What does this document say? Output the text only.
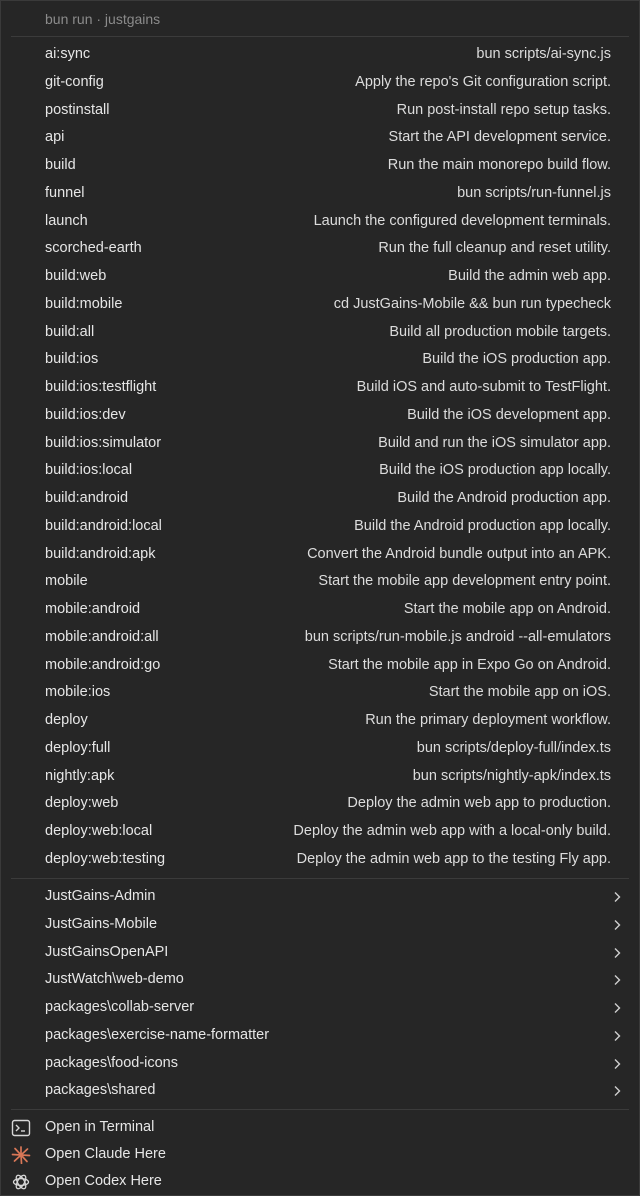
bun run · justgains
ai:sync	bun scripts/ai-sync.js
git-config	Apply the repo's Git configuration script.
postinstall	Run post-install repo setup tasks.
api	Start the API development service.
build	Run the main monorepo build flow.
funnel	bun scripts/run-funnel.js
launch	Launch the configured development terminals.
scorched-earth	Run the full cleanup and reset utility.
build:web	Build the admin web app.
build:mobile	cd JustGains-Mobile && bun run typecheck
build:all	Build all production mobile targets.
build:ios	Build the iOS production app.
build:ios:testflight	Build iOS and auto-submit to TestFlight.
build:ios:dev	Build the iOS development app.
build:ios:simulator	Build and run the iOS simulator app.
build:ios:local	Build the iOS production app locally.
build:android	Build the Android production app.
build:android:local	Build the Android production app locally.
build:android:apk	Convert the Android bundle output into an APK.
mobile	Start the mobile app development entry point.
mobile:android	Start the mobile app on Android.
mobile:android:all	bun scripts/run-mobile.js android --all-emulators
mobile:android:go	Start the mobile app in Expo Go on Android.
mobile:ios	Start the mobile app on iOS.
deploy	Run the primary deployment workflow.
deploy:full	bun scripts/deploy-full/index.ts
nightly:apk	bun scripts/nightly-apk/index.ts
deploy:web	Deploy the admin web app to production.
deploy:web:local	Deploy the admin web app with a local-only build.
deploy:web:testing	Deploy the admin web app to the testing Fly app.
JustGains-Admin
JustGains-Mobile
JustGainsOpenAPI
JustWatch\web-demo
packages\collab-server
packages\exercise-name-formatter
packages\food-icons
packages\shared
Open in Terminal
Open Claude Here
Open Codex Here
